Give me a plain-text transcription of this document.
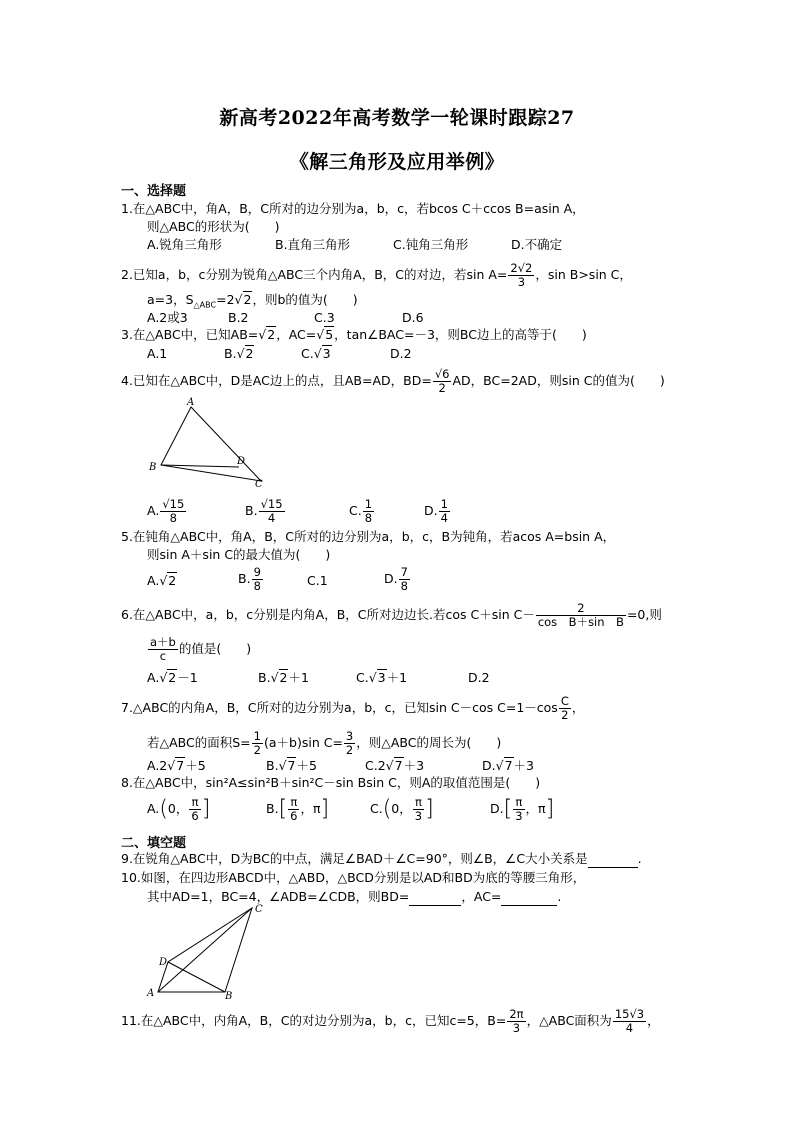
新高考2022年高考数学一轮课时跟踪27
《解三角形及应用举例》
一、选择题
1.在△ABC中，角A，B，C所对的边分别为a，b，c，若bcos C＋ccos B=asin A，
则△ABC的形状为(　　)
A.锐角三角形	B.直角三角形	C.钝角三角形	D.不确定
2.已知a，b，c分别为锐角△ABC三个内角A，B，C的对边，若$\sin A= \frac{2√2}{3}$ ，sin B>sin C，
a=3，$S_{\triangle ABC}=2√$ 2，则b的值为(　　)
A.2或3	B.2	C.3	D.6
3.在△ABC中，已知AB=√ 2，AC=√ 5，tan∠BAC=－3，则BC边上的高等于(　　)
A.1	B.√ 2	C.√ 3	D.2
4.已知在△ABC中，D是AC边上的点，且AB=AD，$BD= \frac{√6}{2}$ AD，BC=2AD，则sin C的值为(　　)
A
B
D
C
A. $\frac{√15}{8}$	B. $\frac{√15}{4}$	C. $\frac{1}{8}$	D. $\frac{1}{4}$
5.在钝角△ABC中，角A，B，C所对的边分别为a，b，c，B为钝角，若acos A=bsin A，
则sin A＋sin C的最大值为(　　)
A.√ 2	B. $\frac{9}{8}$	C.1	D. $\frac{7}{8}$
6.在△ABC中，a，b，c分别是内角A，B，C所对边边长.若cos C＋sin $C- \frac{2}{\text{cos　B＋sin　B}} =0$,则
$\frac{a+b}{c}$ 的值是(　　)
A.√ 2－1	B.√ 2＋1	C.√ 3＋1	D.2
7.△ABC的内角A，B，C所对的边分别为a，b，c，已知sin C－cos $C=1-\cos \frac{C}{2}$ ，
若△ABC的面积$S= \frac{1}{2} (a+b)\sin$ $C= \frac{3}{2}$ ，则△ABC的周长为(　　)
A.2√ 7＋5	B.√ 7＋5	C.2√ 7＋3	D.√ 7＋3
8.在△ABC中，sin²A≤sin²B＋sin²C－sin Bsin C，则A的取值范围是(　　)
A.(0， $\frac{\pi}{6}$ ]	$B.[ \frac{\pi}{6}$ ，π]	C.(0， $\frac{\pi}{3}$ ]	$D.[ \frac{\pi}{3}$ ，π]
二、填空题
9.在锐角△ABC中，D为BC的中点，满足∠BAD＋∠C=90°，则∠B，∠C大小关系是	.
10.如图，在四边形ABCD中，△ABD，△BCD分别是以AD和BD为底的等腰三角形，
其中AD=1，BC=4，∠ADB=∠CDB，则BD=	，AC=	.
C
D
A	B
11.在△ABC中，内角A，B，C的对边分别为a，b，c，已知c=5，$B= \frac{2\pi}{3}$ ，△ABC面积为 $\frac{15√3}{4}$ ，
